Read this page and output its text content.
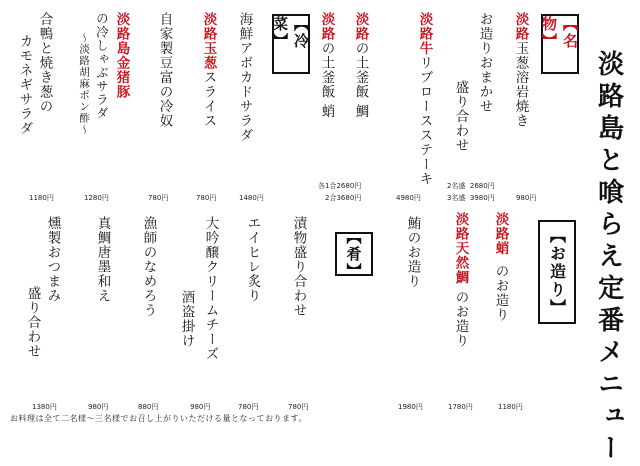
淡路島と喰らえ定番メニュー
【名物】
【冷菜】
【肴】	【お造り】
淡路玉葱溶岩焼き
980円
お造りおまかせ
盛り合わせ
2名盛  2680円
3名盛  3980円
淡路牛リブロースステーキ
4980円
淡路の土釜飯 鯛
各1合2680円
淡路の土釜飯 蛸
2合3680円
海鮮アボカドサラダ
1480円
淡路玉葱スライス
780円
自家製豆富の冷奴
780円
淡路島金猪豚
の冷しゃぶサラダ
〜淡路胡麻ポン酢〜
1280円
合鴨と焼き葱の
カモネギサラダ
1180円
淡路蛸
のお造り
1180円
淡路天然鯛
のお造り
1780円
鮪のお造り
1980円
漬物盛り合わせ
780円
エイヒレ炙り
780円
大吟醸クリームチーズ
酒盗掛け
980円
漁師のなめろう
880円
真鯛唐墨和え
980円
燻製おつまみ
盛り合わせ
1380円
お料理は全て二名様〜三名様でお召し上がりいただける量となっております。
